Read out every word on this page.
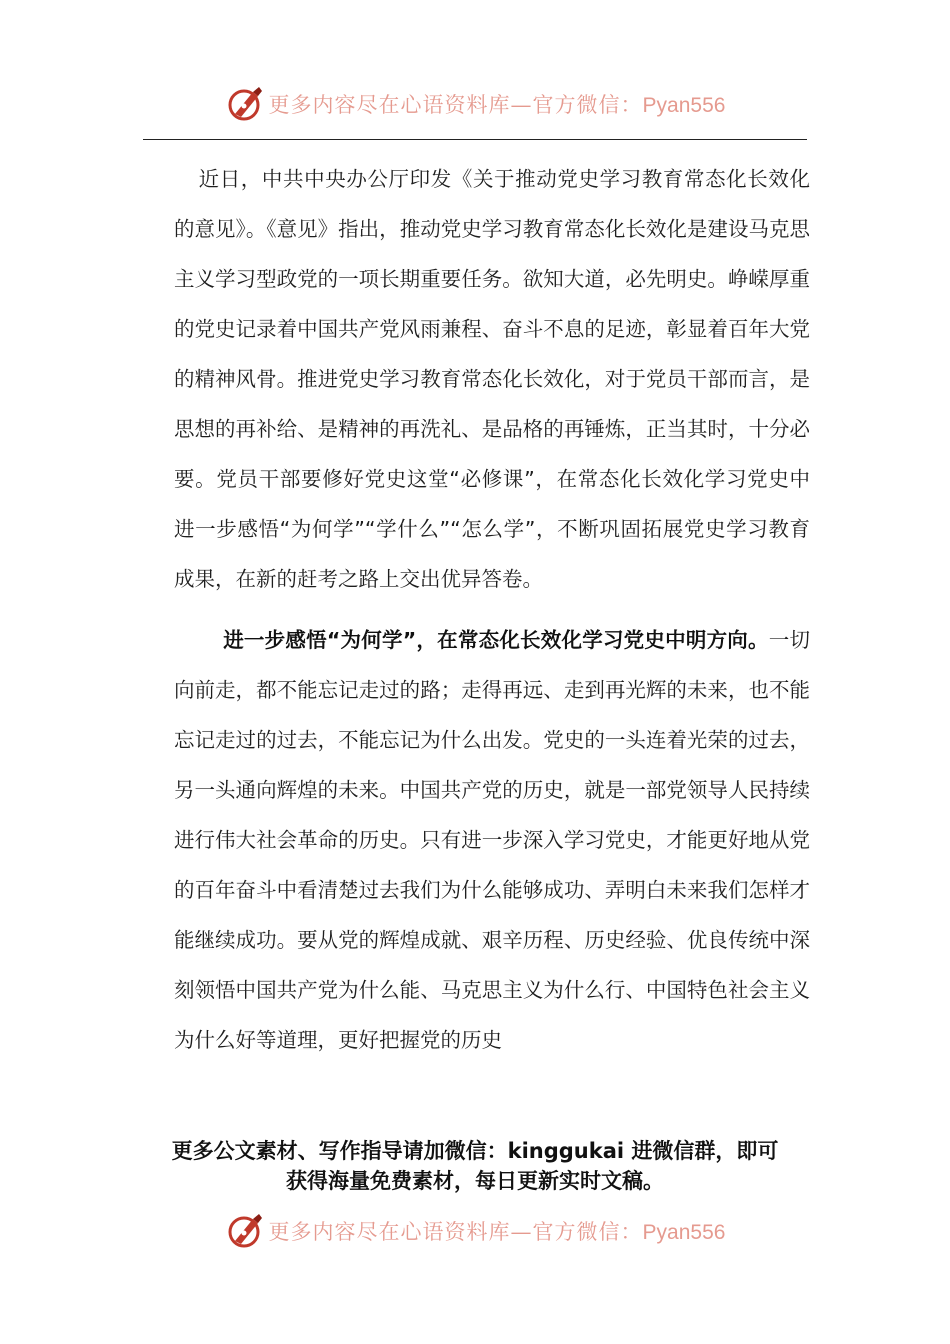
更多内容尽在心语资料库—官方微信：Pyan556

近日，中共中央办公厅印发《关于推动党史学习教育常态化长效化的意见》。《意见》指出，推动党史学习教育常态化长效化是建设马克思主义学习型政党的一项长期重要任务。欲知大道，必先明史。峥嵘厚重的党史记录着中国共产党风雨兼程、奋斗不息的足迹，彰显着百年大党的精神风骨。推进党史学习教育常态化长效化，对于党员干部而言，是思想的再补给、是精神的再洗礼、是品格的再锤炼，正当其时，十分必要。党员干部要修好党史这堂“必修课”，在常态化长效化学习党史中进一步感悟“为何学”“学什么”“怎么学”，不断巩固拓展党史学习教育成果，在新的赶考之路上交出优异答卷。

进一步感悟“为何学”，在常态化长效化学习党史中明方向。一切向前走，都不能忘记走过的路；走得再远、走到再光辉的未来，也不能忘记走过的过去，不能忘记为什么出发。党史的一头连着光荣的过去，另一头通向辉煌的未来。中国共产党的历史，就是一部党领导人民持续进行伟大社会革命的历史。只有进一步深入学习党史，才能更好地从党的百年奋斗中看清楚过去我们为什么能够成功、弄明白未来我们怎样才能继续成功。要从党的辉煌成就、艰辛历程、历史经验、优良传统中深刻领悟中国共产党为什么能、马克思主义为什么行、中国特色社会主义为什么好等道理，更好把握党的历史

更多公文素材、写作指导请加微信：kinggukai 进微信群，即可
获得海量免费素材，每日更新实时文稿。
更多内容尽在心语资料库—官方微信：Pyan556
